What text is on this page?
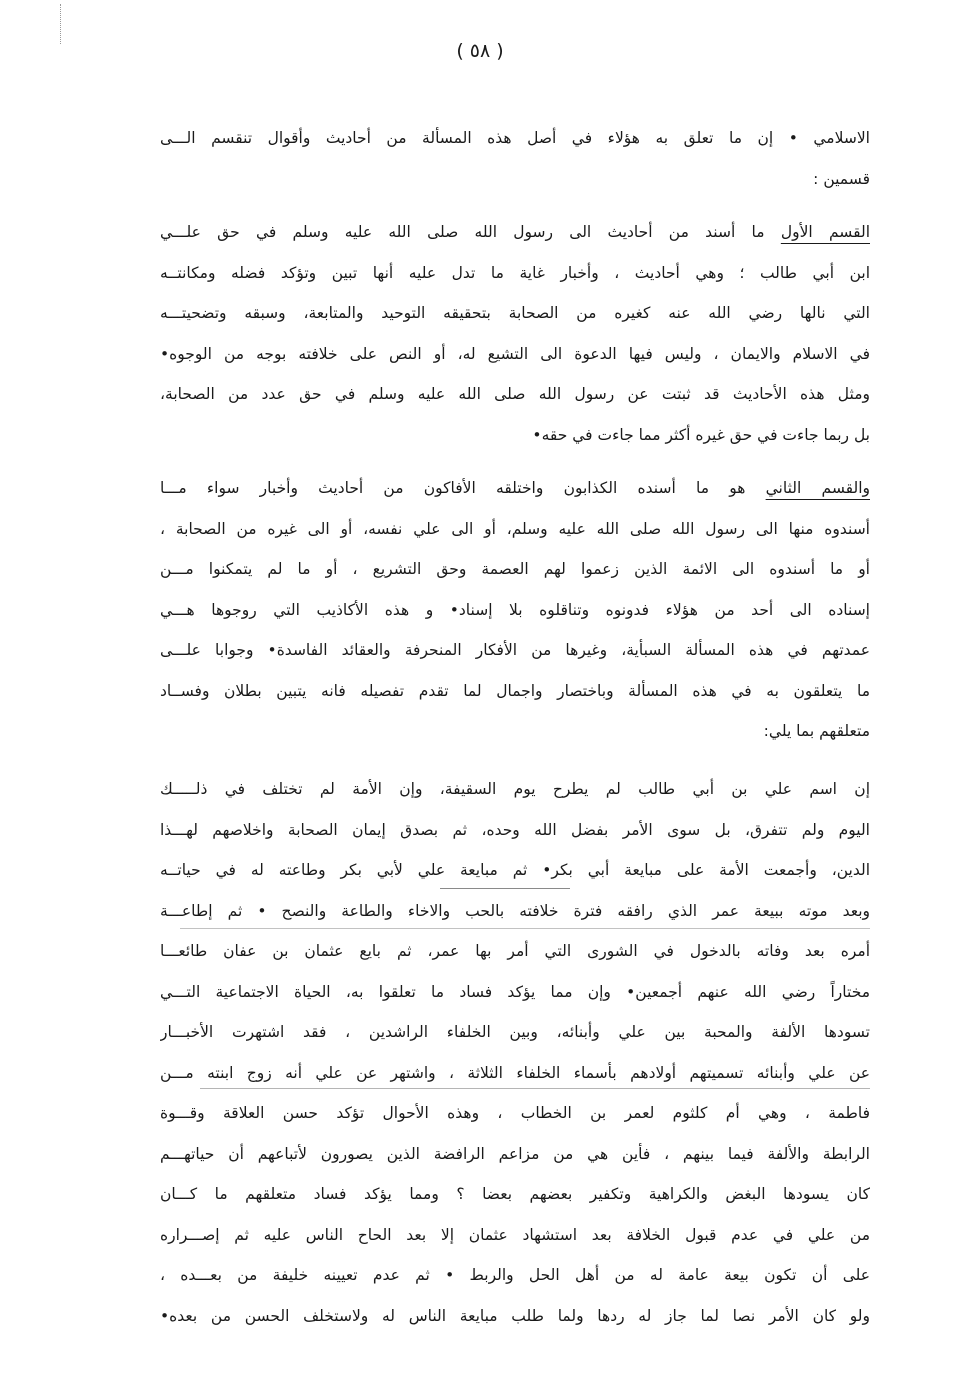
( ٥٨ )
الاسلامي • إن ما تعلق به هؤلاء في أصل هذه المسألة من أحاديث وأقوال تنقسم الـــى
قسمين :
القسم الأول ما أسند من أحاديث الى رسول الله صلى الله عليه وسلم في حق علـــي
ابن أبي طالب ؛ وهي أحاديث ، وأخبار غاية ما تدل عليه أنها تبين وتؤكد فضله ومكانتــه
التي نالها رضي الله عنه كغيره من الصحابة بتحقيقه التوحيد والمتابعة، وسبقه وتضحيتـــه
في الاسلام والايمان ، وليس فيها الدعوة الى التشيع له، أو النص على خلافته بوجه من الوجوه•
ومثل هذه الأحاديث قد ثبتت عن رسول الله صلى الله عليه وسلم في حق عدد من الصحابة،
بل ربما جاءت في حق غيره أكثر مما جاءت في حقه•
والقسم الثاني هو ما أسنده الكذابون واختلقه الأفاكون من أحاديث وأخبار سواء مـــا
أسندوه منها الى رسول الله صلى الله عليه وسلم، أو الى علي نفسه، أو الى غيره من الصحابة ،
أو ما أسندوه الى الائمة الذين زعموا لهم العصمة وحق التشريع ، أو ما لم يتمكنوا مـــن
إسناده الى أحد من هؤلاء فدونوه وتناقلوه بلا إسناد• و هذه الأكاذيب التي روجوها هـــي
عمدتهم في هذه المسألة السبأية، وغيرها من الأفكار المنحرفة والعقائد الفاسدة• وجوابا علـــى
ما يتعلقون به في هذه المسألة وباختصار واجمال لما تقدم تفصيله فانه يتبين بطلان وفســاد
متعلقهم بما يلي:
إن اسم علي بن أبي طالب لم يطرح يوم السقيفة، وإن الأمة لم تختلف في ذلـــــك
اليوم ولم تتفرق، بل سوى الأمر بفضل الله وحده، ثم بصدق إيمان الصحابة واخلاصهم لهـــذا
الدين، وأجمعت الأمة على مبايعة أبي بكر• ثم مبايعة علي لأبي بكر وطاعته له في حياتــه
وبعد موته ببيعة عمر الذي رافقه فترة خلافته بالحب والاخاء والطاعة والنصح • ثم إطاعـــة
أمره بعد وفاته بالدخول في الشورى التي أمر بها عمر، ثم بايع عثمان بن عفان طائعـــا
مختاراً رضي الله عنهم أجمعين• وإن مما يؤكد فساد ما تعلقوا به، الحياة الاجتماعية التـــي
تسودها الألفة والمحبة بين علي وأبنائه، وبين الخلفاء الراشدين ، فقد اشتهرت الأخبـــار
عن علي وأبنائه تسميتهم أولادهم بأسماء الخلفاء الثلاثة ، واشتهر عن علي أنه زوج ابنته مـــن
فاطمة ، وهي أم كلثوم لعمر بن الخطاب ، وهذه الأحوال تؤكد حسن العلاقة وقـــوة
الرابطة والألفة فيما بينهم ، فأين هي من مزاعم الرافضة الذين يصورون لأتباعهم أن حياتهـــم
كان يسودها البغض والكراهية وتكفير بعضهم بعضا ؟ ومما يؤكد فساد متعلقهم ما كـــان
من علي في عدم قبول الخلافة بعد استشهاد عثمان إلا بعد الحاح الناس عليه ثم إصـــراره
على أن تكون بيعة عامة له من أهل الحل والربط • ثم عدم تعيينه خليفة من بعـــده ،
ولو كان الأمر نصا لما جاز له ردها ولما طلب مبايعة الناس له ولاستخلف الحسن من بعده•
